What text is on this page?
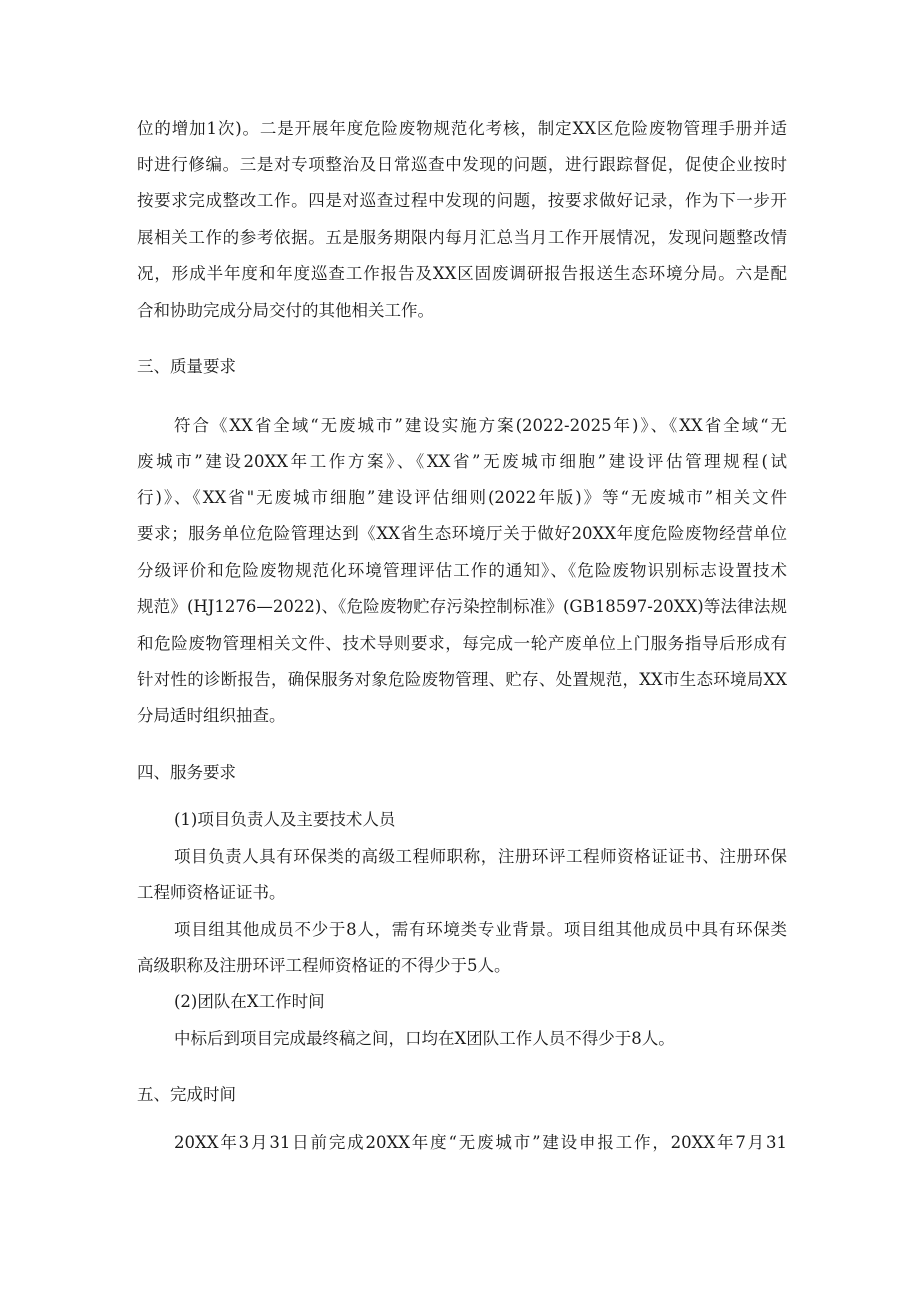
位的增加1次)。二是开展年度危险废物规范化考核，制定XX区危险废物管理手册并适
时进行修编。三是对专项整治及日常巡查中发现的问题，进行跟踪督促，促使企业按时
按要求完成整改工作。四是对巡查过程中发现的问题，按要求做好记录，作为下一步开
展相关工作的参考依据。五是服务期限内每月汇总当月工作开展情况，发现问题整改情
况，形成半年度和年度巡查工作报告及XX区固废调研报告报送生态环境分局。六是配
合和协助完成分局交付的其他相关工作。
三、质量要求
符合《XX省全域“无废城市”建设实施方案(2022-2025年)》、《XX省全域“无
废城市”建设20XX年工作方案》、《XX省”无废城市细胞”建设评估管理规程(试
行)》、《XX省"无废城市细胞”建设评估细则(2022年版)》等“无废城市”相关文件
要求；服务单位危险管理达到《XX省生态环境厅关于做好20XX年度危险废物经营单位
分级评价和危险废物规范化环境管理评估工作的通知》、《危险废物识别标志设置技术
规范》(HJ1276—2022)、《危险废物贮存污染控制标准》(GB18597-20XX)等法律法规
和危险废物管理相关文件、技术导则要求，每完成一轮产废单位上门服务指导后形成有
针对性的诊断报告，确保服务对象危险废物管理、贮存、处置规范，XX市生态环境局XX
分局适时组织抽查。
四、服务要求
(1)项目负责人及主要技术人员
项目负责人具有环保类的高级工程师职称，注册环评工程师资格证证书、注册环保
工程师资格证证书。
项目组其他成员不少于8人，需有环境类专业背景。项目组其他成员中具有环保类
高级职称及注册环评工程师资格证的不得少于5人。
(2)团队在X工作时间
中标后到项目完成最终稿之间，口均在X团队工作人员不得少于8人。
五、完成时间
20XX年3月31日前完成20XX年度“无废城市”建设申报工作，20XX年7月31
